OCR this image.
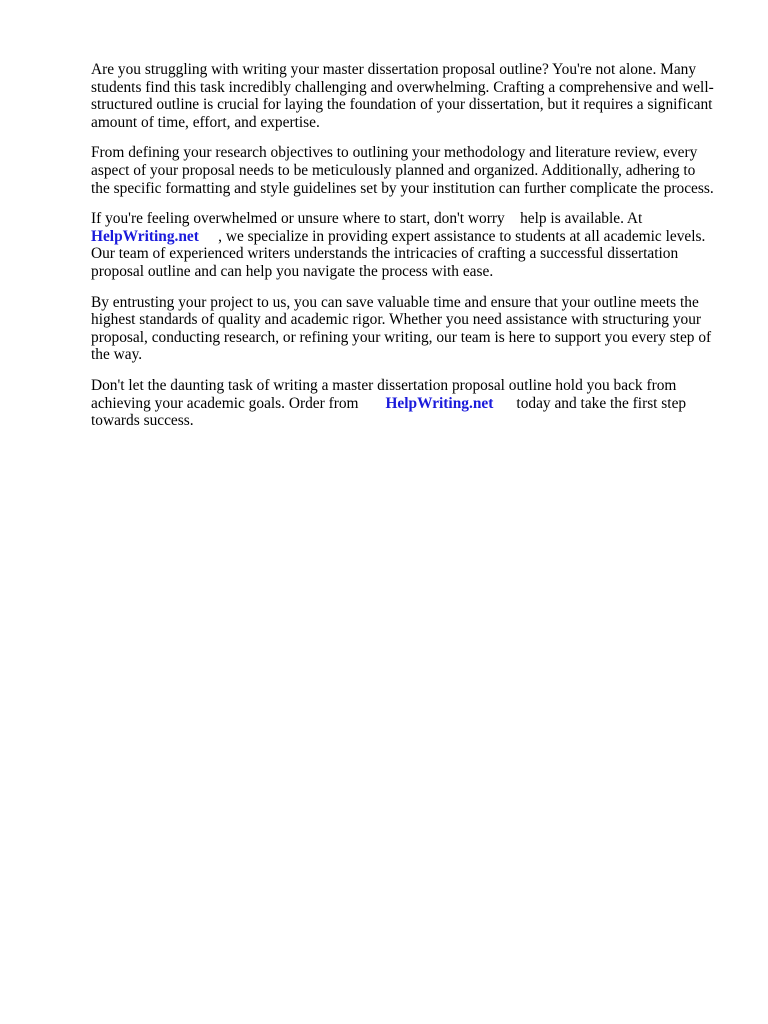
Are you struggling with writing your master dissertation proposal outline? You're not alone. Many
students find this task incredibly challenging and overwhelming. Crafting a comprehensive and well-
structured outline is crucial for laying the foundation of your dissertation, but it requires a significant
amount of time, effort, and expertise.

From defining your research objectives to outlining your methodology and literature review, every
aspect of your proposal needs to be meticulously planned and organized. Additionally, adhering to
the specific formatting and style guidelines set by your institution can further complicate the process.

If you're feeling overwhelmed or unsure where to start, don't worry    help is available. At
HelpWriting.net     , we specialize in providing expert assistance to students at all academic levels.
Our team of experienced writers understands the intricacies of crafting a successful dissertation
proposal outline and can help you navigate the process with ease.

By entrusting your project to us, you can save valuable time and ensure that your outline meets the
highest standards of quality and academic rigor. Whether you need assistance with structuring your
proposal, conducting research, or refining your writing, our team is here to support you every step of
the way.

Don't let the daunting task of writing a master dissertation proposal outline hold you back from
achieving your academic goals. Order from       HelpWriting.net      today and take the first step
towards success.
